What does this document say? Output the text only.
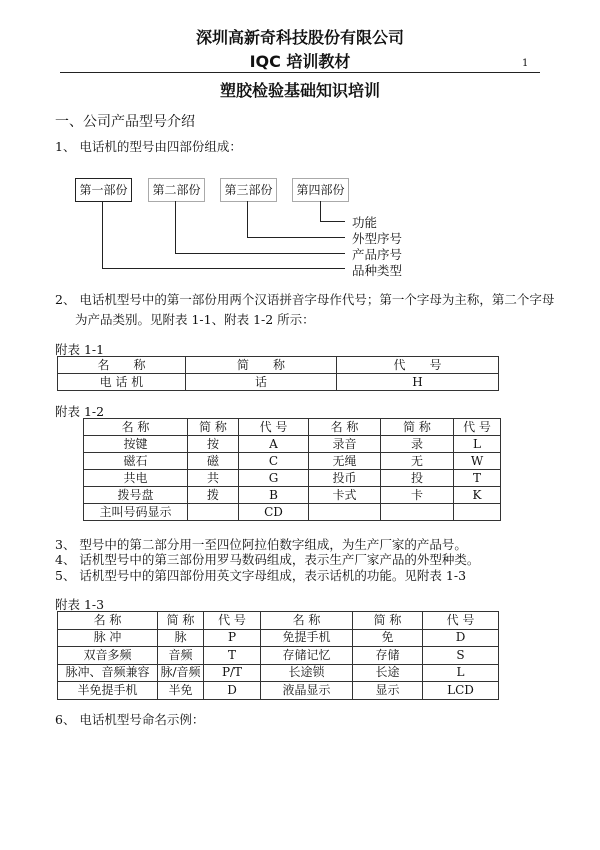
深圳高新奇科技股份有限公司
IQC 培训教材	1
塑胶检验基础知识培训
一、公司产品型号介绍
1、 电话机的型号由四部份组成：
第一部份	第二部份	第三部份	第四部份
功能
外型序号
产品序号
品种类型
2、 电话机型号中的第一部份用两个汉语拼音字母作代号；第一个字母为主称，第二个字母
为产品类别。见附表 1-1、附表 1-2 所示：
附表 1-1
名　　称	简　　称	代　　号
电 话 机	话	H
附表 1-2
名 称	简 称	代 号	名 称	简 称	代 号
按键	按	A	录音	录	L
磁石	磁	C	无绳	无	W
共电	共	G	投币	投	T
拨号盘	拨	B	卡式	卡	K
主叫号码显示		CD			
3、 型号中的第二部分用一至四位阿拉伯数字组成，为生产厂家的产品号。
4、 话机型号中的第三部份用罗马数码组成，表示生产厂家产品的外型种类。
5、 话机型号中的第四部份用英文字母组成，表示话机的功能。见附表 1-3
附表 1-3
名 称	简 称	代 号	名 称	简 称	代 号
脉 冲	脉	P	免提手机	免	D
双音多频	音频	T	存储记忆	存储	S
脉冲、音频兼容	脉/音频	P/T	长途锁	长途	L
半免提手机	半免	D	液晶显示	显示	LCD
6、 电话机型号命名示例：
